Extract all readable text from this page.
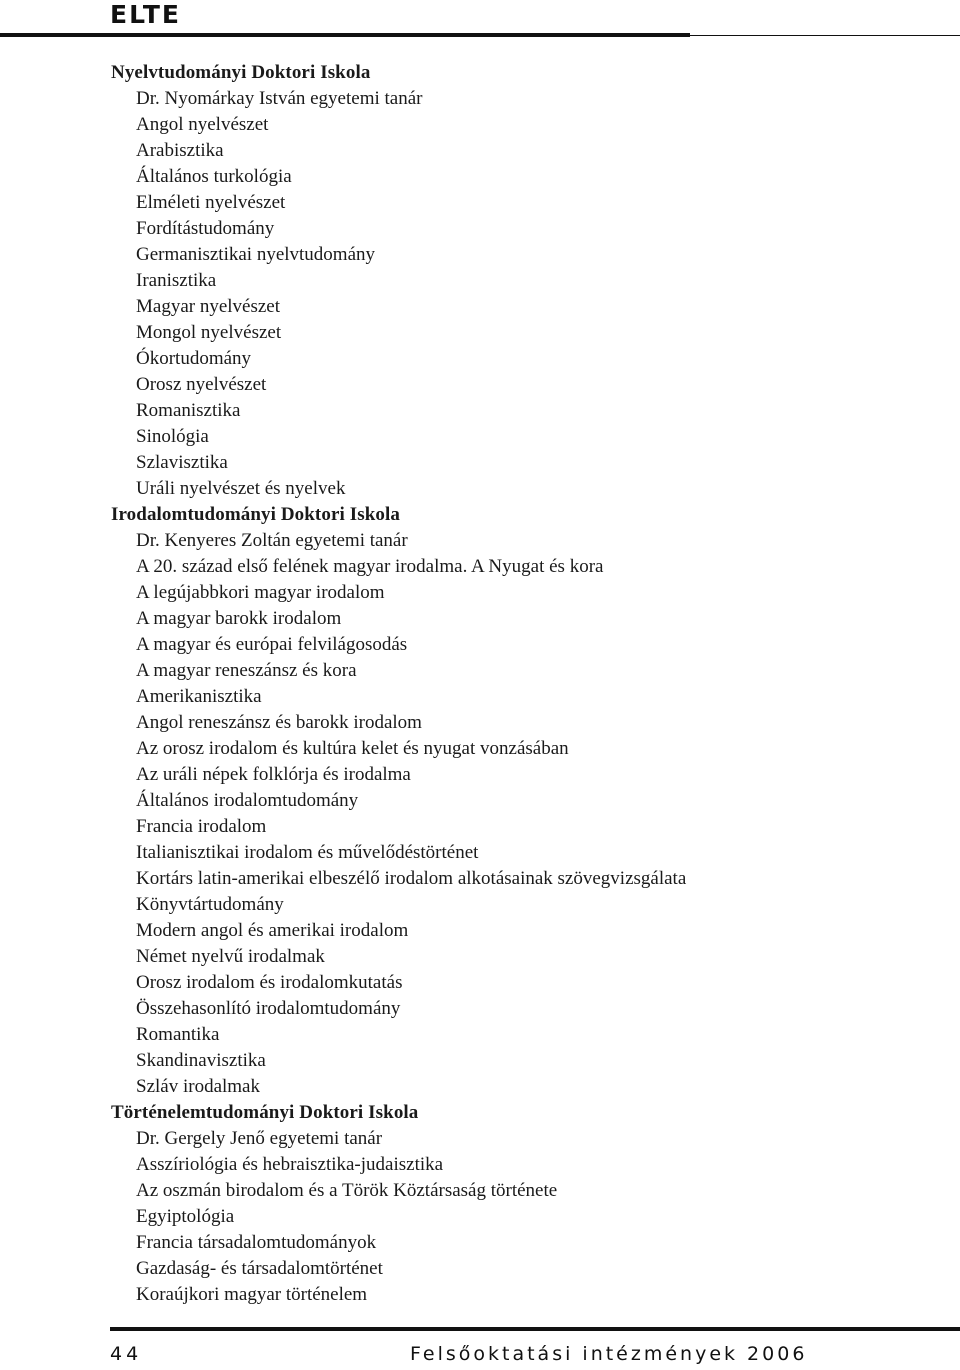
ELTE
Nyelvtudományi Doktori Iskola
Dr. Nyomárkay István egyetemi tanár
Angol nyelvészet
Arabisztika
Általános turkológia
Elméleti nyelvészet
Fordítástudomány
Germanisztikai nyelvtudomány
Iranisztika
Magyar nyelvészet
Mongol nyelvészet
Ókortudomány
Orosz nyelvészet
Romanisztika
Sinológia
Szlavisztika
Uráli nyelvészet és nyelvek
Irodalomtudományi Doktori Iskola
Dr. Kenyeres Zoltán egyetemi tanár
A 20. század első felének magyar irodalma. A Nyugat és kora
A legújabbkori magyar irodalom
A magyar barokk irodalom
A magyar és európai felvilágosodás
A magyar reneszánsz és kora
Amerikanisztika
Angol reneszánsz és barokk irodalom
Az orosz irodalom és kultúra kelet és nyugat vonzásában
Az uráli népek folklórja és irodalma
Általános irodalomtudomány
Francia irodalom
Italianisztikai irodalom és művelődéstörténet
Kortárs latin-amerikai elbeszélő irodalom alkotásainak szövegvizsgálata
Könyvtártudomány
Modern angol és amerikai irodalom
Német nyelvű irodalmak
Orosz irodalom és irodalomkutatás
Összehasonlító irodalomtudomány
Romantika
Skandinavisztika
Szláv irodalmak
Történelemtudományi Doktori Iskola
Dr. Gergely Jenő egyetemi tanár
Asszíriológia és hebraisztika-judaisztika
Az oszmán birodalom és a Török Köztársaság története
Egyiptológia
Francia társadalomtudományok
Gazdaság- és társadalomtörténet
Koraújkori magyar történelem
44	Felsőoktatási intézmények 2006
